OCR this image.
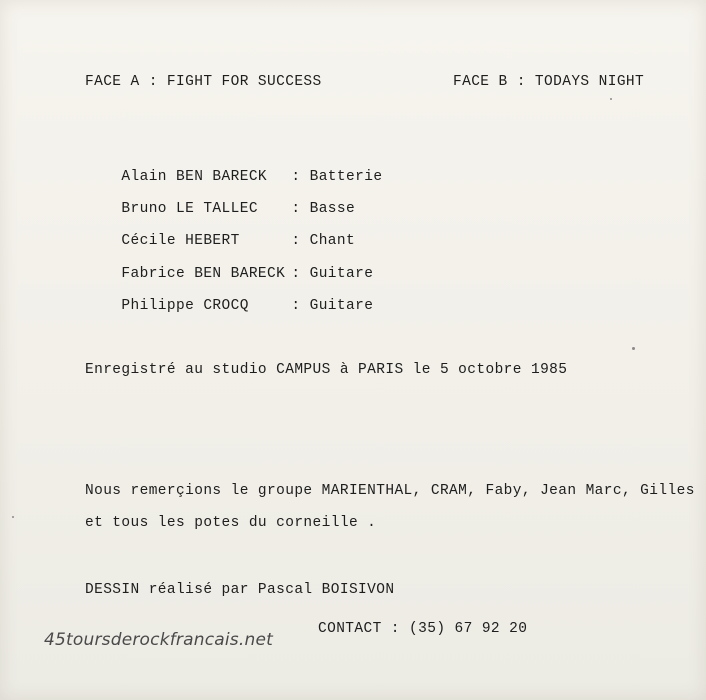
FACE A : FIGHT FOR SUCCESS	FACE B : TODAYS NIGHT

Alain BEN BARECK : Batterie

Bruno LE TALLEC : Basse

Cécile HEBERT	: Chant

Fabrice BEN BARECK : Guitare

Philippe CROCQ	: Guitare

Enregistré au studio CAMPUS à PARIS le 5 octobre 1985
Nous remerçions le groupe MARIENTHAL, CRAM, Faby, Jean Marc, Gilles
et tous les potes du corneille .
DESSIN réalisé par Pascal BOISIVON
CONTACT : (35) 67 92 20
45toursderockfrancais.net
